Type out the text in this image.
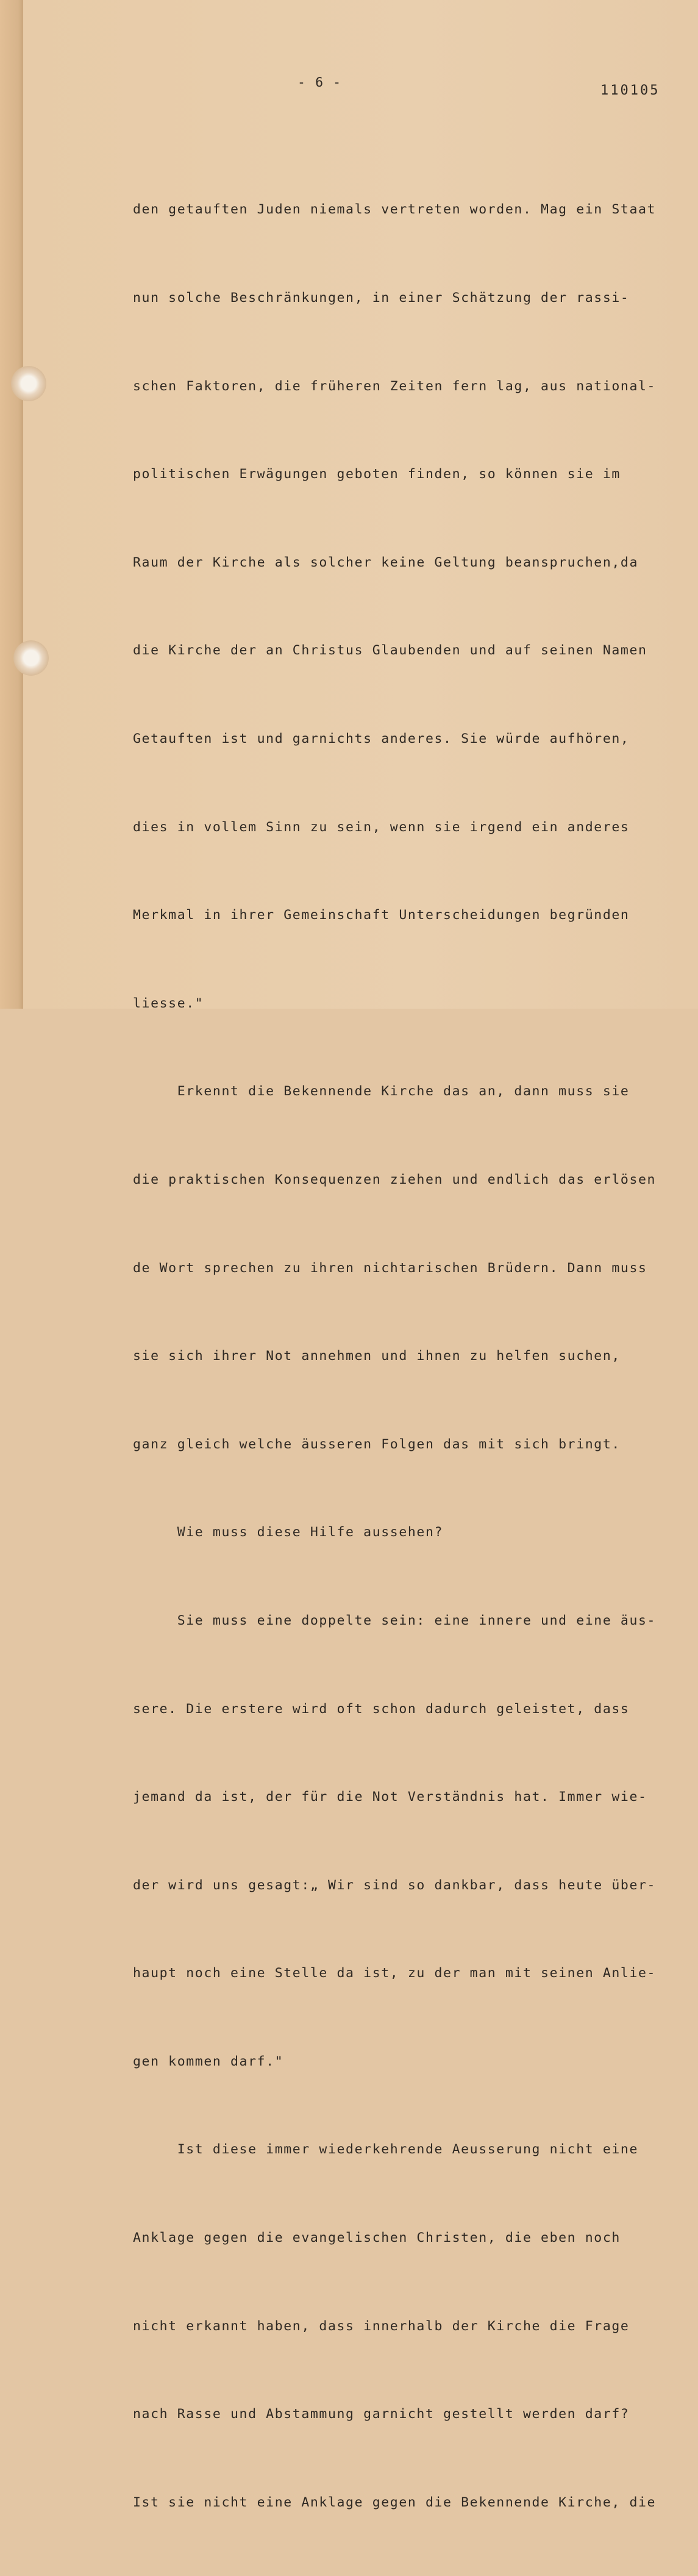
- 6 -
110105

den getauften Juden niemals vertreten worden. Mag ein Staat

nun solche Beschränkungen, in einer Schätzung der rassi-

schen Faktoren, die früheren Zeiten fern lag, aus national-

politischen Erwägungen geboten finden, so können sie im

Raum der Kirche als solcher keine Geltung beanspruchen,da

die Kirche der an Christus Glaubenden und auf seinen Namen

Getauften ist und garnichts anderes. Sie würde aufhören,

dies in vollem Sinn zu sein, wenn sie irgend ein anderes

Merkmal in ihrer Gemeinschaft Unterscheidungen begründen

liesse."

Erkennt die Bekennende Kirche das an, dann muss sie

die praktischen Konsequenzen ziehen und endlich das erlösen

de Wort sprechen zu ihren nichtarischen Brüdern. Dann muss

sie sich ihrer Not annehmen und ihnen zu helfen suchen,

ganz gleich welche äusseren Folgen das mit sich bringt.

Wie muss diese Hilfe aussehen?

Sie muss eine doppelte sein: eine innere und eine äus-

sere. Die erstere wird oft schon dadurch geleistet, dass

jemand da ist, der für die Not Verständnis hat. Immer wie-

der wird uns gesagt:„ Wir sind so dankbar, dass heute über-

haupt noch eine Stelle da ist, zu der man mit seinen Anlie-

gen kommen darf."

Ist diese immer wiederkehrende Aeusserung nicht eine

Anklage gegen die evangelischen Christen, die eben noch

nicht erkannt haben, dass innerhalb der Kirche die Frage

nach Rasse und Abstammung garnicht gestellt werden darf?

Ist sie nicht eine Anklage gegen die Bekennende Kirche, die
